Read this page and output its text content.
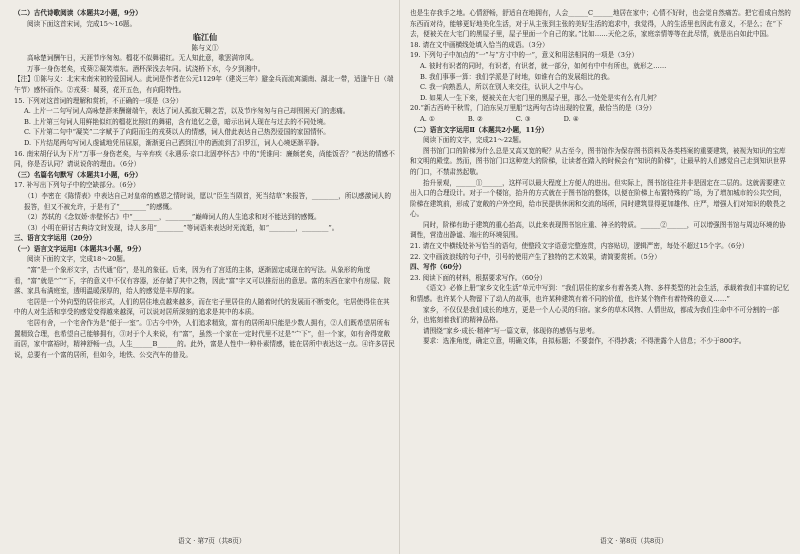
（二）古代诗歌阅读（本题共2小题，9分）

阅读下面这首宋词，完成15～16题。

临江仙

陈与义①

高咏楚词酬午日，天涯节序匆匆。榴花不似舞裙红。无人知此意，歌罢满帘风。

万事一身伤老矣，戎葵②凝笑墙东。酒杯深浅去年同。试浇桥下水，今夕到湘中。

【注】①陈与义：北宋末南宋初的爱国词人。此词是作者在公元1129年（建炎三年）避金兵而流寓湖南、湖北一带，适逢午日（端午节）感怀而作。②戎葵：蜀葵，花开五色，有向阳特性。

15. 下列对这首词的理解和赏析，不正确的一项是（3分）

A. 上片一二句写词人高咏楚辞来酬谢端午，表达了词人孤寂无聊之苦，以及节序匆匆与自己却围困天门的悲痛。

B. 上片第三句词人用鲜艳似红的榴花比照红的舞裙，含有追忆之意，暗示出词人现在与过去的不同处境。

C. 下片第二句中“凝笑”二字赋予了向阳而生的戎葵以人的情感，词人借此表达自己热烈爱国的家国情怀。

D. 下片结尾两句写词人虔诚地凭吊屈原，渐渐更自己洒到江中的酒流到了汨罗江，词人心境逐渐平静。

16. 南宋胡仔认为下片“万事一身伤老矣，与辛弃疾《永遇乐·京口北固亭怀古》中的“凭谁问：廉颇老矣，尚能饭否？”表达的情感不同，你是否认同？请说说你的理由。（6分）

（三）名篇名句默写（本题共1小题，6分）

17. 补写出下列句子中的空缺部分。（6分）

（1）李密在《陈情表》中表达自己对皇帝的感恩之情时说，愿以“臣生当陨首，死当结草”来报答，________，所以感激词人的报答，但又不被允许，于是有了“________”的感慨。

（2）苏轼的《念奴娇·赤壁怀古》中“________，________”巅峰词人的人生追求和对不能达到的感慨。

（3）小明在研讨古典诗文时发现，诗人多用“________”等词语来表达时光流逝，如“________，________”。

三、语言文字运用（20分）

（一）语言文字运用Ⅰ（本题共3小题，9分）

阅读下面的文字，完成18～20题。

“富”是一个象形文字，古代通“俗”，是礼的象征。后来，因为有了宫廷的主体，逐渐固定成现在的写法。从象形的角度看，“富”就是“宀”下，字的意义中不仅有容器，还存储了其中之物，因此“富”字又可以推衍出的意思。富的东西在家中有房屋、院落、家具布满庭室，透明温暖深厚的，给人的感觉是丰厚的家。

宅居是一个外向型的居住形式，人们的居住地点越来越多，而在宅子里居住的人随着时代的发展而不断变化，宅居使得住在其中的人对生活和享受的感觉变得越来越深，可以说对居所深刻的追求是其中的本质。

宅居有舍，一个宅舍作为是“便于一室”。①古今中外，人们追求精致，富有的居所却只能是少数人拥有，②人们既希望居所布置精致合理，也希望自己能够拥有，③对于个人来说，有“富”，虽然一个家在一定时代里不过是“宀下”，但一个家，如有舍得宽敞而居，家中富裕时，精神舒畅一点，人生______B______的。此外，富是人性中一种朴素情感，能在居所中表达这一点。④许多居民说，总要有一个富的居所，但如今，地铁、公交汽车的普及。

也是生存我手之地。心情舒畅，舒适自在地拥有，人会______C______地居在家中；心情不好时，也会觉自然痛苦。把它看成自然的东西而对待，能够更好地美化生活，对于从主张到主张的美好生活的追求中，我觉得，人的生活里也因此有意义，不是么；在“下去，便被关在大宅门的黑屋子里，屋子里面一个自己的家。”比如……天伦之乐，家庭亲情等等在此尽情，就是出自如此中国。

18. 请在文中画横线处填入恰当的成语。（3分）

19. 下列句子中加点的“一”与“方寸中的一”，意义和用法相同的一项是（3分）

A. 彼时有识者的同时，有识者，有识者，就一部分，如何有中中有所也，就形之……

B. 我们事事一算：我们学派是了时地，如谁有合的发展组比的我。

C. 我一向熟悉人，所以在别人来交往，认识人之中与心。

D. 如果人一生下来，便被关在大宅门里的黑屋子里，那么一处处是实有么有几何？

20.“新古西岭干秋雪，门泊东吴万里船”这两句古诗出现的位置，最恰当的是（3分）

A. ①　　　　　B. ②　　　　　C. ③　　　　　D. ④

（二）语言文字运用Ⅱ（本题共2小题，11分）

阅读下面的文字，完成21～22题。

图书馆门口的阶梯为什么总是又高又宽的呢？从古至今，图书馆作为保存图书资料及各类档案的重要建筑，被视为知识的宝库和文明的殿堂。然而，图书馆门口这种宽大的阶梯，让读者在踏入的时候会有“知识的阶梯”，让最早的人们感觉自己走到知识世界的门口，不禁肃然起敬。

抬升景观，______①______，这样可以最大程度上方便人的进出。但实际上，图书馆往往并非是固定在二层的。这就需要建立出入口的合理设计。对于一个楼馆，抬升的方式就在于图书馆的整体，以便在阶梯上布置特殊的广场，为了增加城市的公共空间，阶梯在建筑前，形成了宽敞的户外空间，给市民提供休闲和交流的场所，同时建筑显得更加雄伟、庄严，增强人们对知识的敬畏之心。

同时，阶梯有助于建筑的重心抬高，以此来表现图书馆庄重、神圣的特质。______②______，可以增强图书馆与周边环境的协调性，营造出静谧、端庄的环境氛围。

21. 请在文中横线处补写恰当的语句，使整段文字语意完整连贯，内容贴切，逻辑严密，每处不超过15个字。（6分）

22. 文中画波浪线的句子中，引号的使用产生了独特的艺术效果，请简要赏析。（5分）

四、写作（60分）

23. 阅读下面的材料，根据要求写作。（60分）

《语文》必修上册“家乡文化生活”单元中写到：“我们居住的家乡有着各类人物、多样类型的社会生活，承载着我们丰富的记忆和情感。也许某个人物留下了动人的故事，也许某种建筑有着不同的价值，也许某个物件有着特殊的意义……”

家乡，不仅仅是我们成长的地方，更是一个人心灵的归宿。家乡的草木风物、人情世故，都成为我们生命中不可分割的一部分，也铭刻着我们的精神品格。

请围绕“家乡·成长·精神”写一篇文章，体现你的感悟与思考。

要求：选准角度，确定立意，明确文体，自拟标题；不要套作，不得抄袭；不得泄露个人信息；不少于800字。

语文 · 第7页（共8页）	语文 · 第8页（共8页）
